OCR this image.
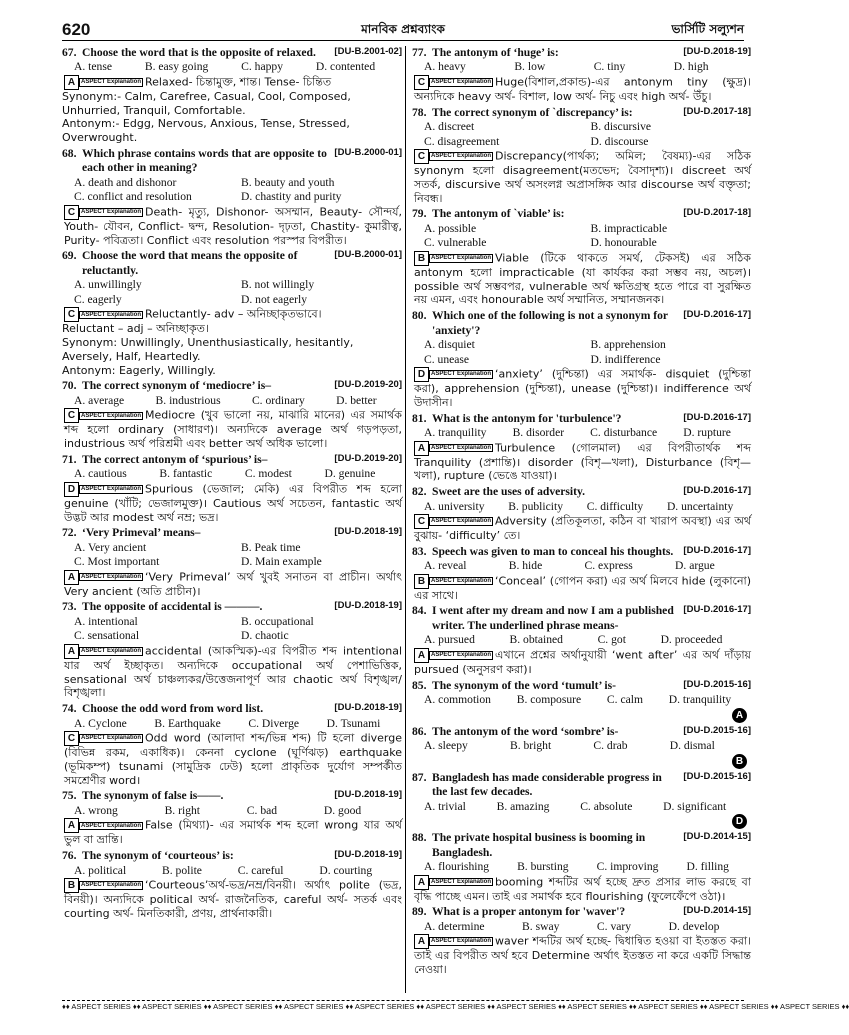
620	মানবিক প্রশ্নব্যাংক	ভার্সিটি সল্যুশন
67.	[DU-B.2001-02]
Choose the word that is the opposite of relaxed.
A. tense	B. easy going	C. happy	D. contented
A ASPECT Explanation Relaxed- চিন্তামুক্ত, শান্ত। Tense- চিন্তিত
Synonym:- Calm, Carefree, Casual, Cool, Composed, Unhurried, Tranquil, Comfortable.
Antonym:- Edgg, Nervous, Anxious, Tense, Stressed, Overwrought.
68.	[DU-B.2000-01]
Which phrase contains words that are opposite to each other in meaning?
A. death and dishonor	B. beauty and youth
C. conflict and resolution	D. chastity and purity
C ASPECT Explanation Death- মৃত্যু, Dishonor- অসম্মান, Beauty- সৌন্দর্য, Youth- যৌবন, Conflict- দ্বন্দ, Resolution- দৃঢ়তা, Chastity- কুমারীত্ব, Purity- পবিত্রতা। Conflict এবং resolution পরস্পর বিপরীত।
69.	[DU-B.2000-01]
Choose the word that means the opposite of reluctantly.
A. unwillingly	B. not willingly
C. eagerly	D. not eagerly
C ASPECT Explanation Reluctantly- adv – অনিচ্ছাকৃতভাবে।
Reluctant – adj – অনিচ্ছাকৃত।
Synonym: Unwillingly, Unenthusiastically, hesitantly, Aversely, Half, Heartedly.
Antonym: Eagerly, Willingly.
70.	[DU-D.2019-20]
The correct synonym of ‘mediocre’ is–
A. average	B. industrious	C. ordinary	D. better
C ASPECT Explanation Mediocre (খুব ভালো নয়, মাঝারি মানের) এর সমার্থক শব্দ হলো ordinary (সাধারণ)। অন্যদিকে average অর্থ গড়পড়তা, industrious অর্থ পরিশ্রমী এবং better অর্থ অধিক ভালো।
71.	[DU-D.2019-20]
The correct antonym of ‘spurious’ is–
A. cautious	B. fantastic	C. modest	D. genuine
D ASPECT Explanation Spurious (ভেজাল; মেকি) এর বিপরীত শব্দ হলো genuine (খাঁটি; ভেজালমুক্ত)। Cautious অর্থ সচেতন, fantastic অর্থ উদ্ভট আর modest অর্থ নম্র; ভদ্র।
72.	[DU-D.2018-19]
‘Very Primeval’ means–
A. Very ancient	B. Peak time
C. Most important	D. Main example
A ASPECT Explanation ‘Very Primeval’ অর্থ খুবই সনাতন বা প্রাচীন। অর্থাৎ Very ancient (অতি প্রাচীন)।
73.	[DU-D.2018-19]
The opposite of accidental is ———.
A. intentional	B. occupational
C. sensational	D. chaotic
A ASPECT Explanation accidental (আকস্মিক)-এর বিপরীত শব্দ intentional যার অর্থ ইচ্ছাকৃত। অন্যদিকে occupational অর্থ পেশাভিত্তিক, sensational অর্থ চাঞ্চল্যকর/উত্তেজনাপূর্ণ আর chaotic অর্থ বিশৃঙ্খল/বিশৃঙ্খলা।
74.	[DU-D.2018-19]
Choose the odd word from word list.
A. Cyclone	B. Earthquake	C. Diverge	D. Tsunami
C ASPECT Explanation Odd word (আলাদা শব্দ/ভিন্ন শব্দ) টি হলো diverge (বিভিন্ন রকম, একাধিক)। কেননা cyclone (ঘূর্ণিঝড়) earthquake (ভূমিকম্প) tsunami (সামুদ্রিক ঢেউ) হলো প্রাকৃতিক দুর্যোগ সম্পর্কীত সমশ্রেণীর word।
75.	[DU-D.2018-19]
The synonym of false is——.
A. wrong	B. right	C. bad	D. good
A ASPECT Explanation False (মিথ্যা)- এর সমার্থক শব্দ হলো wrong যার অর্থ ভুল বা ভ্রান্তি।
76.	[DU-D.2018-19]
The synonym of ‘courteous’ is:
A. political	B. polite	C. careful	D. courting
B ASPECT Explanation ‘Courteous’অর্থ-ভদ্র/নম্র/বিনয়ী। অর্থাৎ polite (ভদ্র, বিনয়ী)। অন্যদিকে political অর্থ- রাজনৈতিক, careful অর্থ- সতর্ক এবং courting অর্থ- মিনতিকারী, প্রণয়, প্রার্থনাকারী।
77.	[DU-D.2018-19]
The antonym of ‘huge’ is:
A. heavy	B. low	C. tiny	D. high
C ASPECT Explanation Huge(বিশাল,প্রকান্ড)-এর antonym tiny (ক্ষুদ্র)। অন্যদিকে heavy অর্থ- বিশাল, low অর্থ- নিচু এবং high অর্থ- উঁচু।
78.	[DU-D.2017-18]
The correct synonym of `discrepancy’ is:
A. discreet	B. discursive
C. disagreement	D. discourse
C ASPECT Explanation Discrepancy(পার্থক্য; অমিল; বৈষম্য)-এর সঠিক synonym হলো disagreement(মতভেদ; বৈসাদৃশ্য)। discreet অর্থ সতর্ক, discursive অর্থ অসংলগ্ন অপ্রাসঙ্গিক আর discourse অর্থ বক্তৃতা; নিবন্ধ।
79.	[DU-D.2017-18]
The antonym of `viable’ is:
A. possible	B. impracticable
C. vulnerable	D. honourable
B ASPECT Explanation Viable (টিকে থাকতে সমর্থ, টেকসই) এর সঠিক antonym হলো impracticable (যা কার্যকর করা সম্ভব নয়, অচল)। possible অর্থ সম্ভবপর, vulnerable অর্থ ক্ষতিগ্রস্থ হতে পারে বা সুরক্ষিত নয় এমন, এবং honourable অর্থ সম্মানিত, সম্মানজনক।
80.	[DU-D.2016-17]
Which one of the following is not a synonym for 'anxiety'?
A. disquiet	B. apprehension
C. unease	D. indifference
D ASPECT Explanation ‘anxiety’ (দুশ্চিন্তা) এর সমার্থক- disquiet (দুশ্চিন্তা করা), apprehension (দুশ্চিন্তা), unease (দুশ্চিন্তা)। indifference অর্থ উদাসীন।
81.	[DU-D.2016-17]
What is the antonym for 'turbulence'?
A. tranquility	B. disorder	C. disturbance	D. rupture
A ASPECT Explanation Turbulence (গোলমাল) এর বিপরীতার্থক শব্দ Tranquility (প্রশান্তি)। disorder (বিশৃ—খলা), Disturbance (বিশৃ—খলা), rupture (ভেঙে যাওয়া)।
82.	[DU-D.2016-17]
Sweet are the uses of adversity.
A. university	B. publicity	C. difficulty	D. uncertainty
C ASPECT Explanation Adversity (প্রতিকূলতা, কঠিন বা খারাপ অবস্থা) এর অর্থ বুঝায়- ‘difficulty’ তে।
83.	[DU-D.2016-17]
Speech was given to man to conceal his thoughts.
A. reveal	B. hide	C. express	D. argue
B ASPECT Explanation ‘Conceal’ (গোপন করা) এর অর্থ মিলবে hide (লুকানো) এর সাথে।
84.	[DU-D.2016-17]
I went after my dream and now I am a published writer. The underlined phrase means-
A. pursued	B. obtained	C. got	D. proceeded
A ASPECT Explanation এখানে প্রশ্নের অর্থানুযায়ী ‘went after’ এর অর্থ দাঁড়ায় pursued (অনুসরণ করা)।
85.	[DU-D.2015-16]
The synonym of the word ‘tumult’ is-
A. commotion	B. composure	C. calm	D. tranquility
A
86.	[DU-D.2015-16]
The antonym of the word ‘sombre’ is-
A. sleepy	B. bright	C. drab	D. dismal
B
87.	[DU-D.2015-16]
Bangladesh has made considerable progress in the last few decades.
A. trivial	B. amazing	C. absolute	D. significant
D
88.	[DU-D.2014-15]
The private hospital business is booming in Bangladesh.
A. flourishing	B. bursting	C. improving	D. filling
A ASPECT Explanation booming শব্দটির অর্থ হচ্ছে দ্রুত প্রসার লাভ করছে বা বৃদ্ধি পাচ্ছে এমন। তাই এর সমার্থক হবে flourishing (ফুলেফেঁপে ওঠা)।
89.	[DU-D.2014-15]
What is a proper antonym for 'waver'?
A. determine	B. sway	C. vary	D. develop
A ASPECT Explanation waver শব্দটির অর্থ হচ্ছে- দ্বিধান্বিত হওয়া বা ইতস্তত করা। তাই এর বিপরীত অর্থ হবে Determine অর্থাৎ ইতস্তত না করে একটি সিদ্ধান্ত নেওয়া।
♦♦ ASPECT SERIES ♦♦ ASPECT SERIES ♦♦ ASPECT SERIES ♦♦ ASPECT SERIES ♦♦ ASPECT SERIES ♦♦ ASPECT SERIES ♦♦ ASPECT SERIES ♦♦ ASPECT SERIES ♦♦ ASPECT SERIES ♦♦ ASPECT SERIES ♦♦ ASPECT SERIES ♦♦
